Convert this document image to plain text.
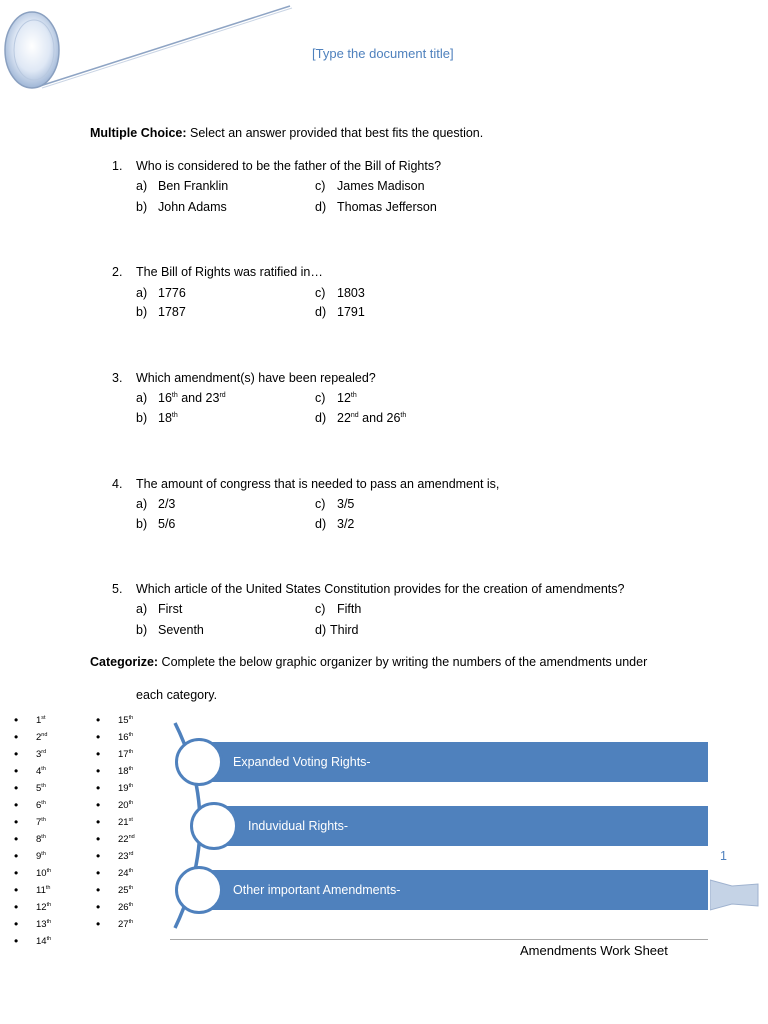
[Type the document title]
Multiple Choice: Select an answer provided that best fits the question.
1. Who is considered to be the father of the Bill of Rights?
a) Ben Franklin
b) John Adams
c) James Madison
d) Thomas Jefferson
2. The Bill of Rights was ratified in…
a) 1776
b) 1787
c) 1803
d) 1791
3. Which amendment(s) have been repealed?
a) 16th and 23rd
b) 18th
c) 12th
d) 22nd and 26th
4. The amount of congress that is needed to pass an amendment is,
a) 2/3
b) 5/6
c) 3/5
d) 3/2
5. Which article of the United States Constitution provides for the creation of amendments?
a) First
b) Seventh
c) Fifth
d) Third
Categorize: Complete the below graphic organizer by writing the numbers of the amendments under
each category.
• 1st
• 2nd
• 3rd
• 4th
• 5th
• 6th
• 7th
• 8th
• 9th
• 10th
• 11th
• 12th
• 13th
• 14th
• 15th
• 16th
• 17th
• 18th
• 19th
• 20th
• 21st
• 22nd
• 23rd
• 24th
• 25th
• 26th
• 27th
Expanded Voting Rights-
Induvidual Rights-
Other important Amendments-
1
Amendments Work Sheet
